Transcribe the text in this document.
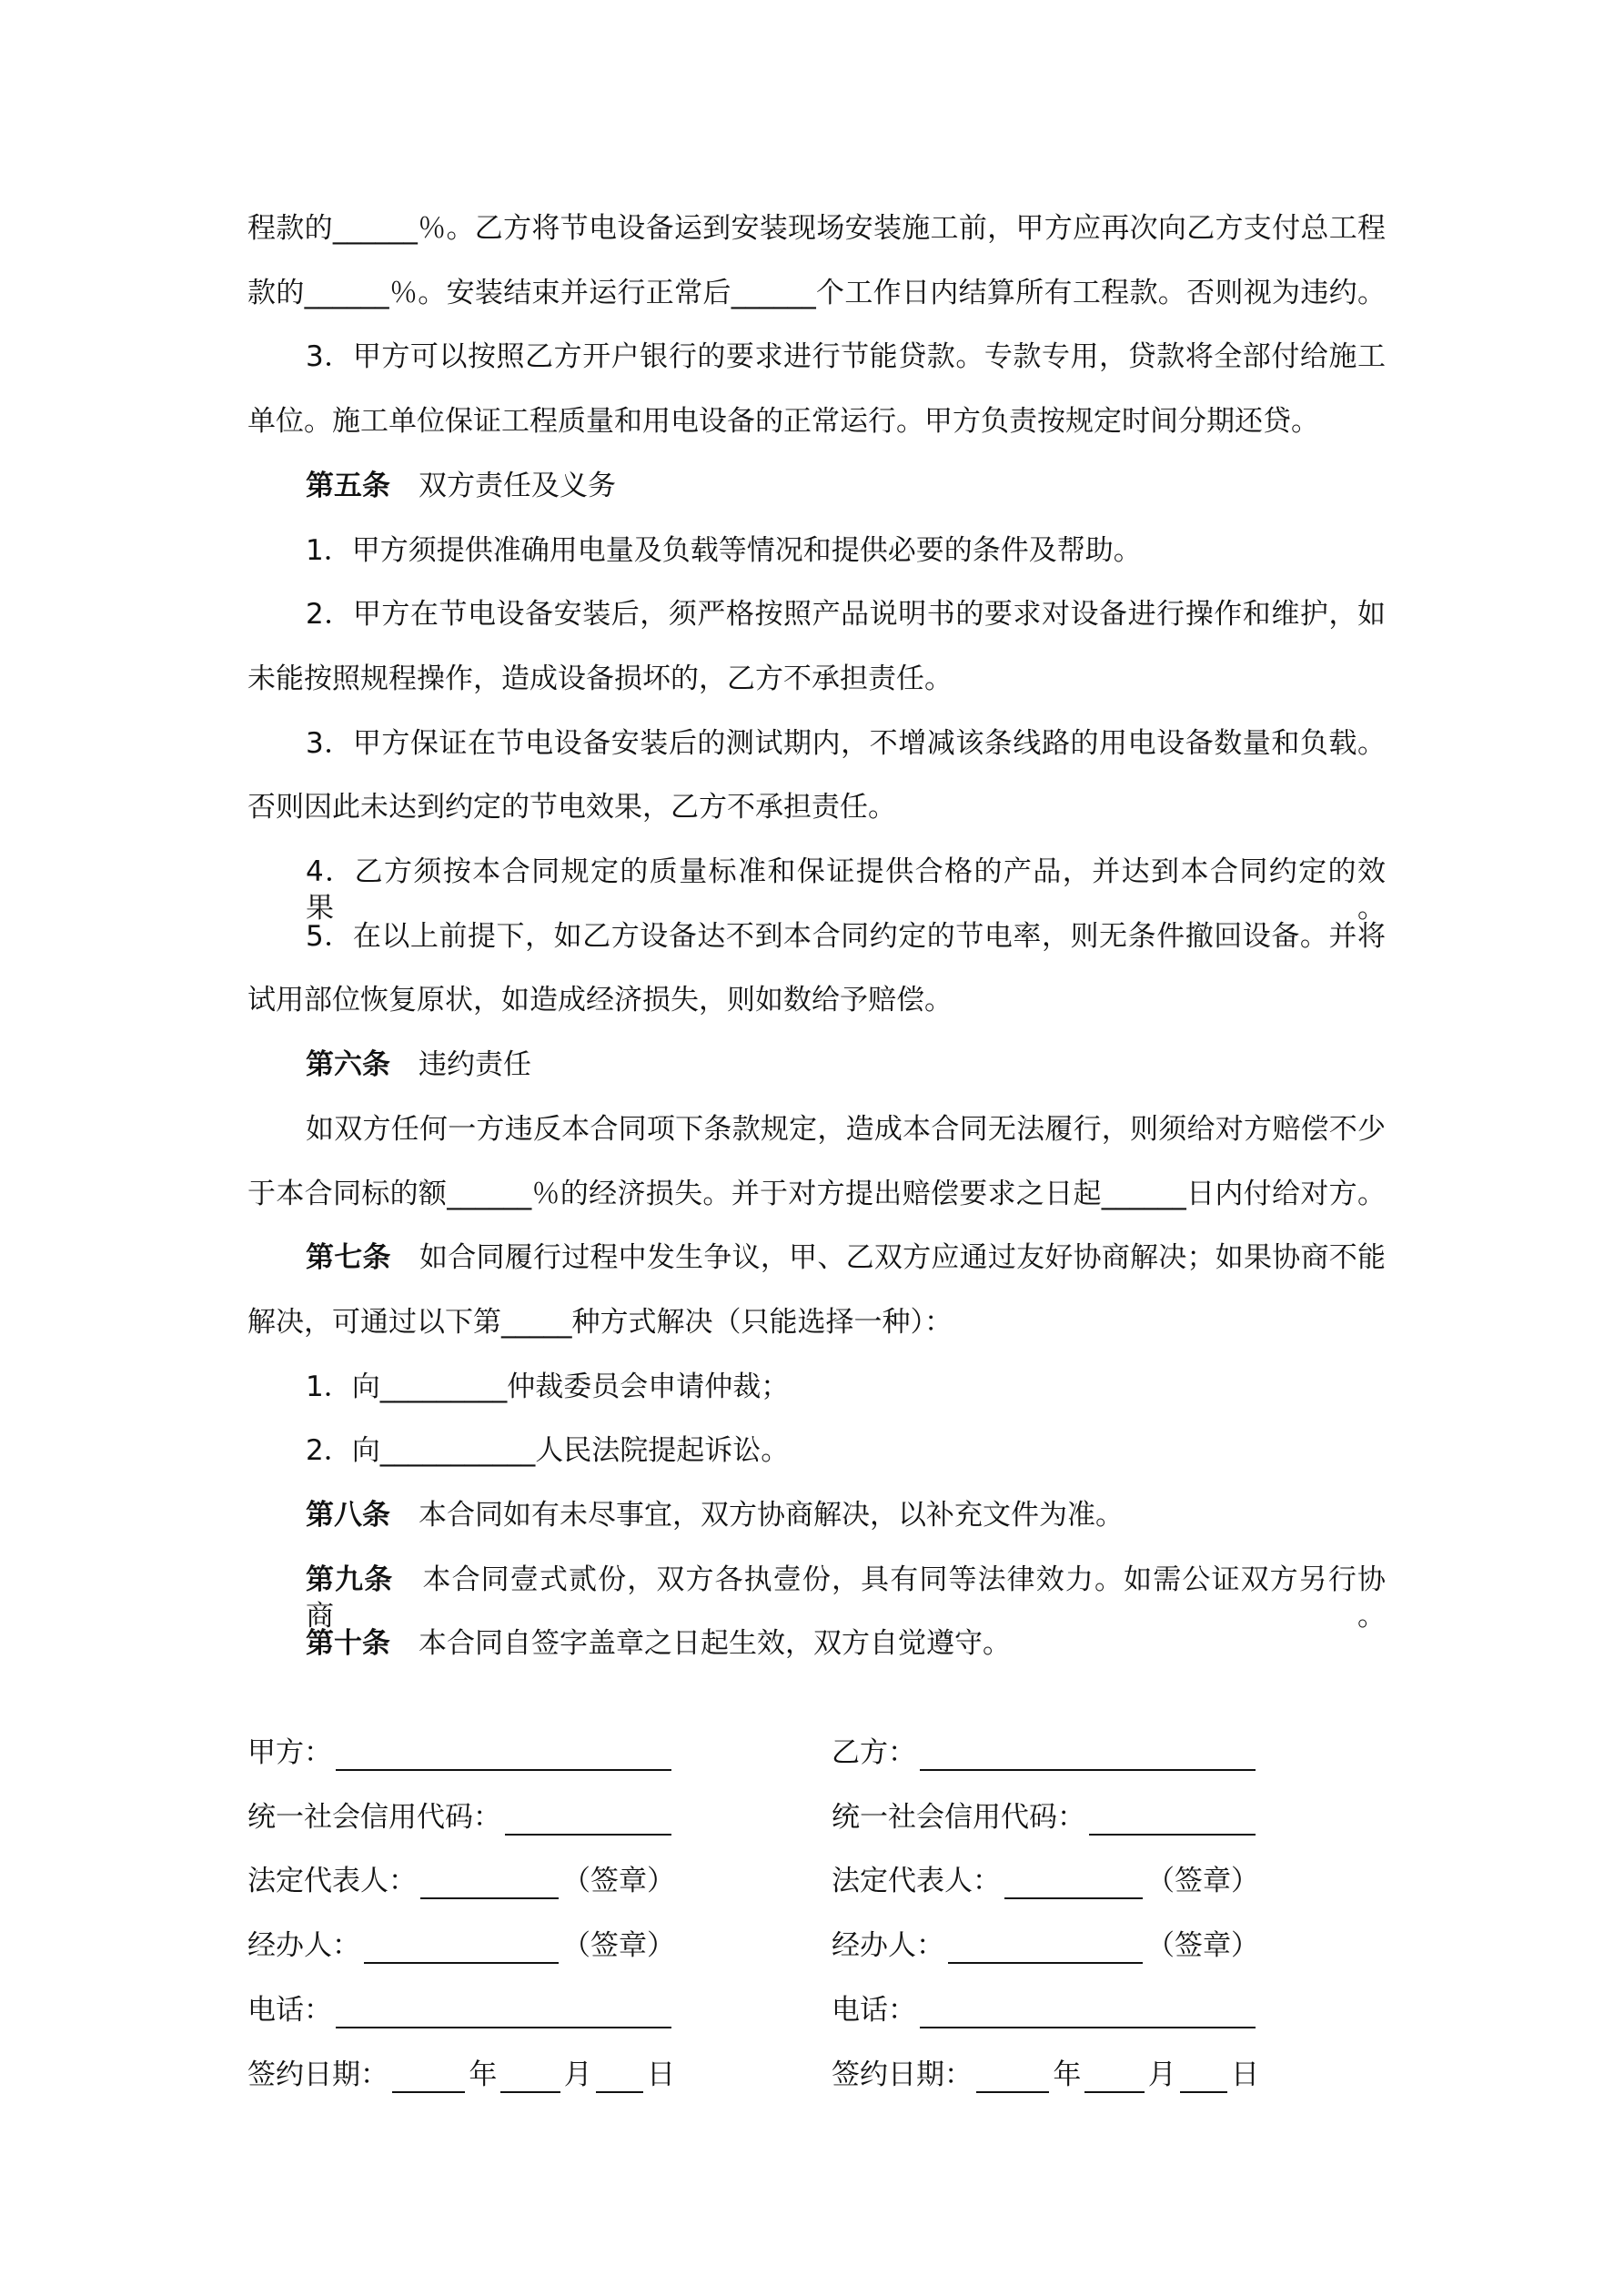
程款的______％。乙方将节电设备运到安装现场安装施工前，甲方应再次向乙方支付总工程
款的______％。安装结束并运行正常后______个工作日内结算所有工程款。否则视为违约。
3．甲方可以按照乙方开户银行的要求进行节能贷款。专款专用，贷款将全部付给施工
单位。施工单位保证工程质量和用电设备的正常运行。甲方负责按规定时间分期还贷。
第五条　双方责任及义务
1．甲方须提供准确用电量及负载等情况和提供必要的条件及帮助。
2．甲方在节电设备安装后，须严格按照产品说明书的要求对设备进行操作和维护，如
未能按照规程操作，造成设备损坏的，乙方不承担责任。
3．甲方保证在节电设备安装后的测试期内，不增减该条线路的用电设备数量和负载。
否则因此未达到约定的节电效果，乙方不承担责任。
4．乙方须按本合同规定的质量标准和保证提供合格的产品，并达到本合同约定的效果。
5．在以上前提下，如乙方设备达不到本合同约定的节电率，则无条件撤回设备。并将
试用部位恢复原状，如造成经济损失，则如数给予赔偿。
第六条　违约责任
如双方任何一方违反本合同项下条款规定，造成本合同无法履行，则须给对方赔偿不少
于本合同标的额______％的经济损失。并于对方提出赔偿要求之日起______日内付给对方。
第七条　如合同履行过程中发生争议，甲、乙双方应通过友好协商解决；如果协商不能
解决，可通过以下第_____种方式解决（只能选择一种）：
1．向_________仲裁委员会申请仲裁；
2．向___________人民法院提起诉讼。
第八条　本合同如有未尽事宜，双方协商解决，以补充文件为准。
第九条　本合同壹式贰份，双方各执壹份，具有同等法律效力。如需公证双方另行协商。
第十条　本合同自签字盖章之日起生效，双方自觉遵守。
甲方：
统一社会信用代码：
法定代表人：	（签章）
经办人：	（签章）
电话：
签约日期：	年 月 日
乙方：
统一社会信用代码：
法定代表人：	（签章）
经办人：	（签章）
电话：
签约日期：	年 月 日
